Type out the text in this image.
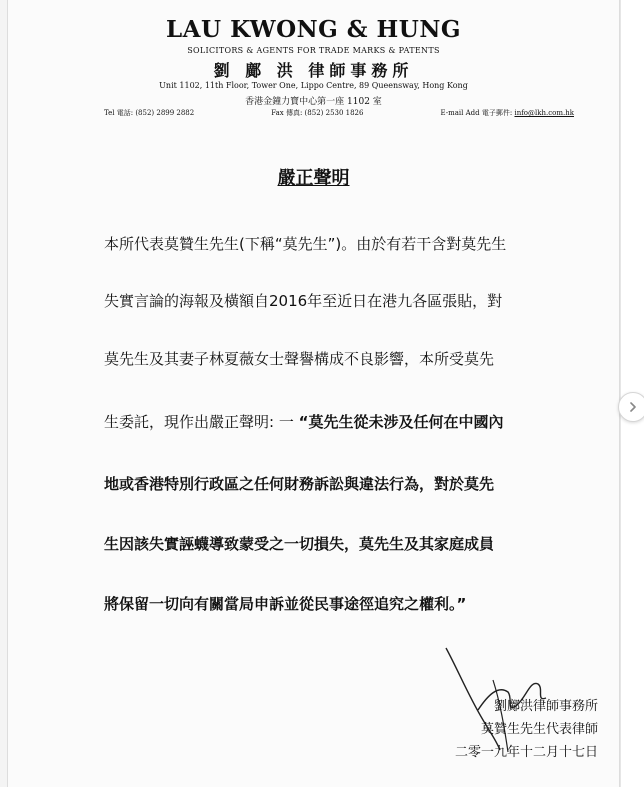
LAU KWONG & HUNG
SOLICITORS & AGENTS FOR TRADE MARKS & PATENTS
劉 鄺 洪 律師事務所
Unit 1102, 11th Floor, Tower One, Lippo Centre, 89 Queensway, Hong Kong
香港金鐘力寶中心第一座 1102 室
Tel 電話: (852) 2899 2882	Fax 傳真: (852) 2530 1826	E-mail Add 電子郵件: info@lkh.com.hk
嚴正聲明
本所代表莫贊生先生(下稱“莫先生”)。由於有若干含對莫先生
失實言論的海報及橫額自2016年至近日在港九各區張貼，對
莫先生及其妻子林夏薇女士聲譽構成不良影響，本所受莫先
生委託，現作出嚴正聲明: 一 “莫先生從未涉及任何在中國內
地或香港特別行政區之任何財務訴訟與違法行為，對於莫先
生因該失實誣蠛導致蒙受之一切損失，莫先生及其家庭成員
將保留一切向有關當局申訴並從民事途徑追究之權利。”
劉鄺洪律師事務所
莫贊生先生代表律師
二零一九年十二月十七日
